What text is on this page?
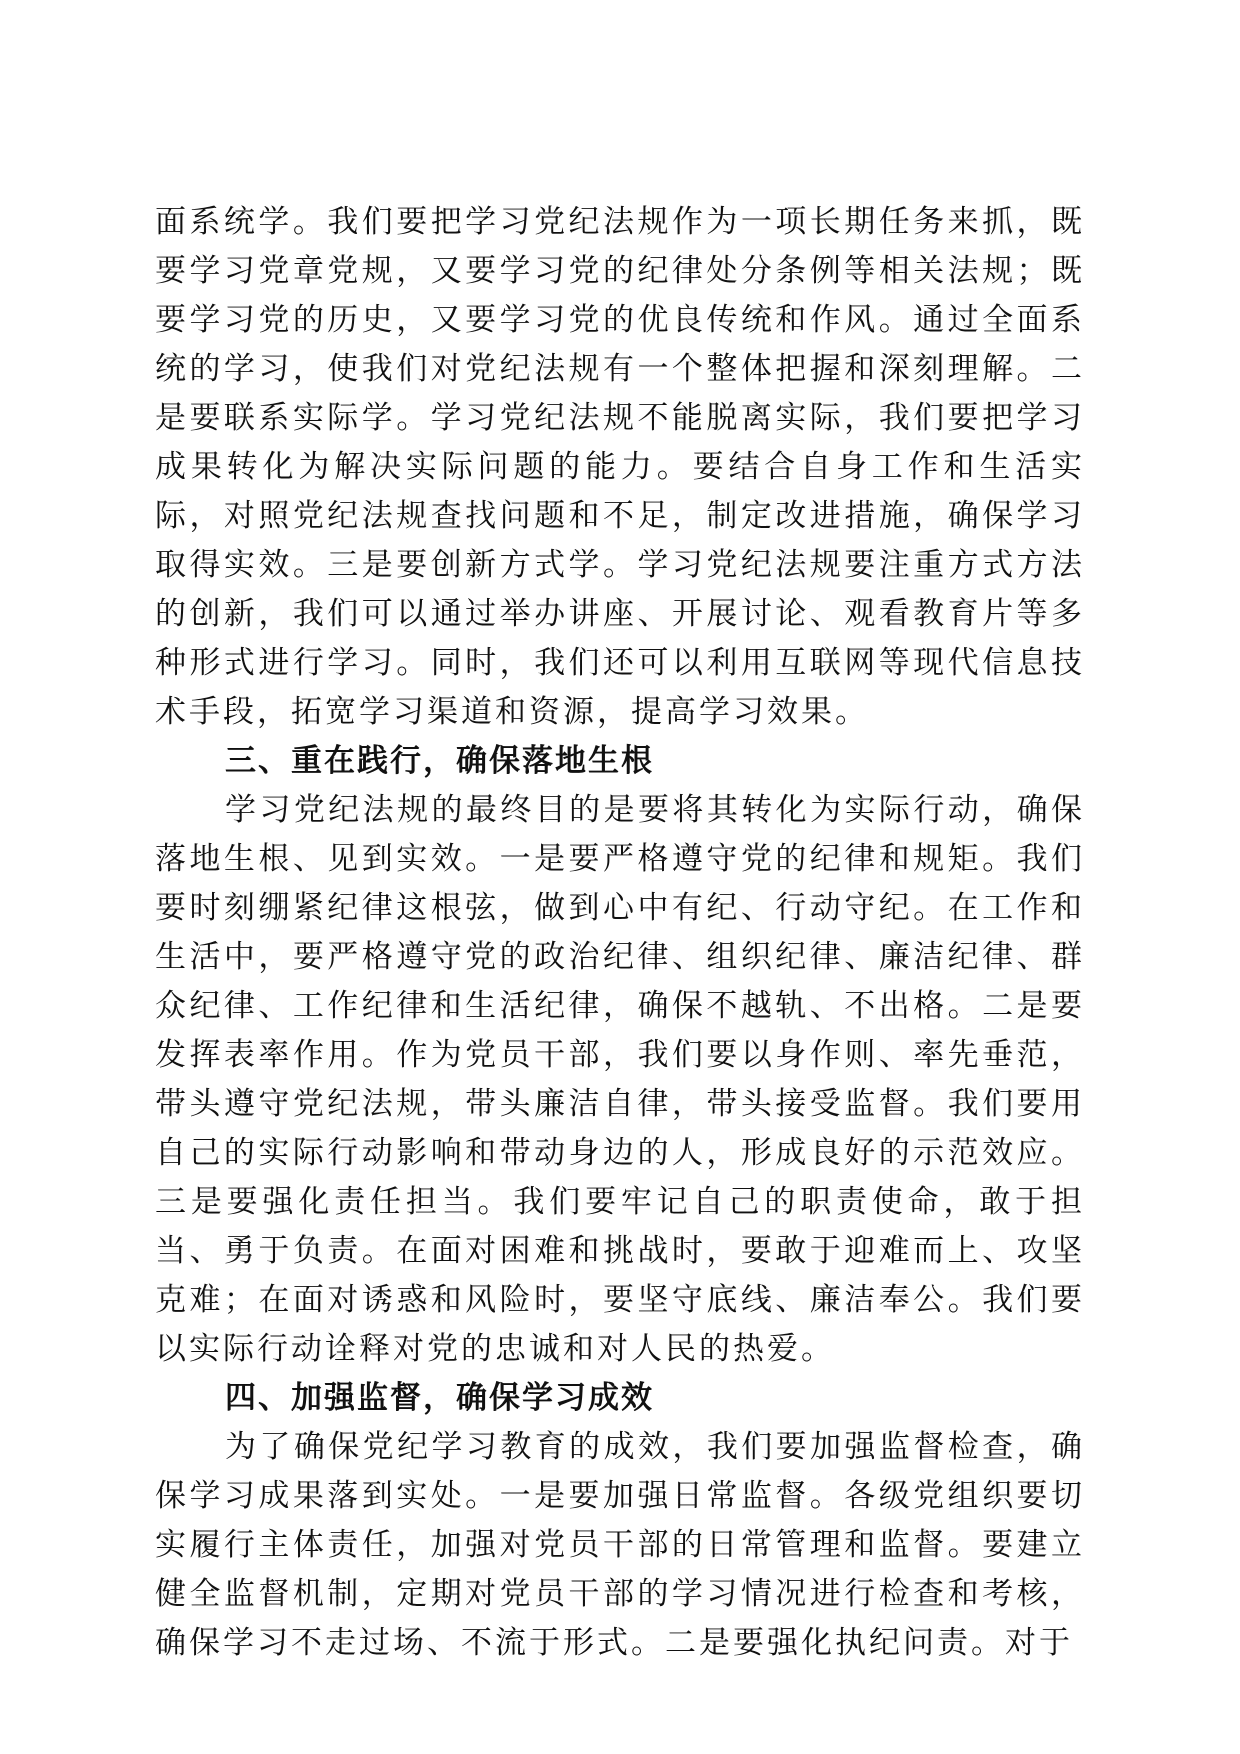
面系统学。我们要把学习党纪法规作为一项长期任务来抓，既要学习党章党规，又要学习党的纪律处分条例等相关法规；既要学习党的历史，又要学习党的优良传统和作风。通过全面系统的学习，使我们对党纪法规有一个整体把握和深刻理解。二是要联系实际学。学习党纪法规不能脱离实际，我们要把学习成果转化为解决实际问题的能力。要结合自身工作和生活实际，对照党纪法规查找问题和不足，制定改进措施，确保学习取得实效。三是要创新方式学。学习党纪法规要注重方式方法的创新，我们可以通过举办讲座、开展讨论、观看教育片等多种形式进行学习。同时，我们还可以利用互联网等现代信息技术手段，拓宽学习渠道和资源，提高学习效果。

三、重在践行，确保落地生根

学习党纪法规的最终目的是要将其转化为实际行动，确保落地生根、见到实效。一是要严格遵守党的纪律和规矩。我们要时刻绷紧纪律这根弦，做到心中有纪、行动守纪。在工作和生活中，要严格遵守党的政治纪律、组织纪律、廉洁纪律、群众纪律、工作纪律和生活纪律，确保不越轨、不出格。二是要发挥表率作用。作为党员干部，我们要以身作则、率先垂范，带头遵守党纪法规，带头廉洁自律，带头接受监督。我们要用自己的实际行动影响和带动身边的人，形成良好的示范效应。三是要强化责任担当。我们要牢记自己的职责使命，敢于担当、勇于负责。在面对困难和挑战时，要敢于迎难而上、攻坚克难；在面对诱惑和风险时，要坚守底线、廉洁奉公。我们要以实际行动诠释对党的忠诚和对人民的热爱。

四、加强监督，确保学习成效

为了确保党纪学习教育的成效，我们要加强监督检查，确保学习成果落到实处。一是要加强日常监督。各级党组织要切实履行主体责任，加强对党员干部的日常管理和监督。要建立健全监督机制，定期对党员干部的学习情况进行检查和考核，确保学习不走过场、不流于形式。二是要强化执纪问责。对于
